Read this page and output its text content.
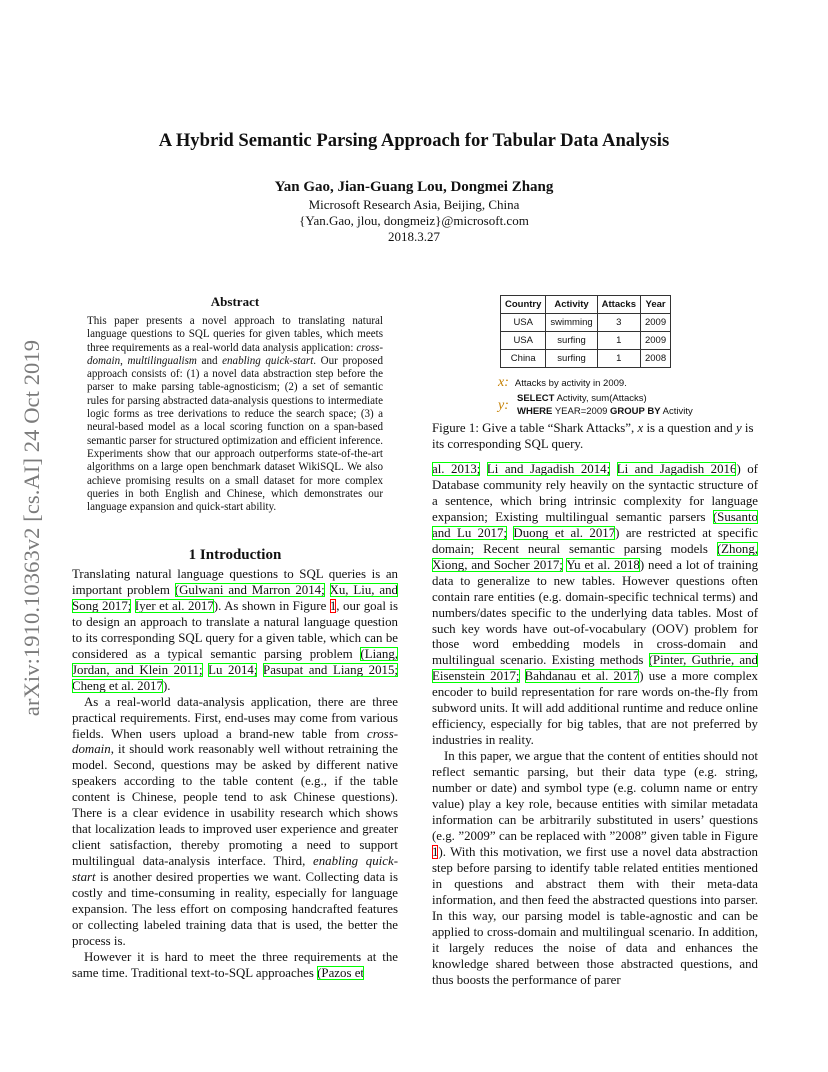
arXiv:1910.10363v2 [cs.AI] 24 Oct 2019
A Hybrid Semantic Parsing Approach for Tabular Data Analysis
Yan Gao, Jian-Guang Lou, Dongmei Zhang
Microsoft Research Asia, Beijing, China
{Yan.Gao, jlou, dongmeiz}@microsoft.com
2018.3.27
Abstract
This paper presents a novel approach to translating natural language questions to SQL queries for given tables, which meets three requirements as a real-world data analysis application: cross-domain, multilingualism and enabling quick-start. Our proposed approach consists of: (1) a novel data abstraction step before the parser to make parsing table-agnosticism; (2) a set of semantic rules for parsing abstracted data-analysis questions to intermediate logic forms as tree derivations to reduce the search space; (3) a neural-based model as a local scoring function on a span-based semantic parser for structured optimization and efficient inference. Experiments show that our approach outperforms state-of-the-art algorithms on a large open benchmark dataset WikiSQL. We also achieve promising results on a small dataset for more complex queries in both English and Chinese, which demonstrates our language expansion and quick-start ability.
1 Introduction

Translating natural language questions to SQL queries is an important problem (Gulwani and Marron 2014; Xu, Liu, and Song 2017; Iyer et al. 2017). As shown in Figure 1, our goal is to design an approach to translate a natural language question to its corresponding SQL query for a given table, which can be considered as a typical semantic parsing problem (Liang, Jordan, and Klein 2011; Lu 2014; Pasupat and Liang 2015; Cheng et al. 2017).

As a real-world data-analysis application, there are three practical requirements. First, end-uses may come from various fields. When users upload a brand-new table from cross-domain, it should work reasonably well without retraining the model. Second, questions may be asked by different native speakers according to the table content (e.g., if the table content is Chinese, people tend to ask Chinese questions). There is a clear evidence in usability research which shows that localization leads to improved user experience and greater client satisfaction, thereby promoting a need to support multilingual data-analysis interface. Third, enabling quick-start is another desired properties we want. Collecting data is costly and time-consuming in reality, especially for language expansion. The less effort on composing handcrafted features or collecting labeled training data that is used, the better the process is.

However it is hard to meet the three requirements at the same time. Traditional text-to-SQL approaches (Pazos et

Country	Activity	Attacks	Year
USA	swimming	3	2009
USA	surfing	1	2009
China	surfing	1	2008
x: Attacks by activity in 2009.
y: SELECT Activity, sum(Attacks)
WHERE YEAR=2009 GROUP BY Activity
Figure 1: Give a table “Shark Attacks”, x is a question and y is its corresponding SQL query.

al. 2013; Li and Jagadish 2014; Li and Jagadish 2016) of Database community rely heavily on the syntactic structure of a sentence, which bring intrinsic complexity for language expansion; Existing multilingual semantic parsers (Susanto and Lu 2017; Duong et al. 2017) are restricted at specific domain; Recent neural semantic parsing models (Zhong, Xiong, and Socher 2017; Yu et al. 2018) need a lot of training data to generalize to new tables. However questions often contain rare entities (e.g. domain-specific technical terms) and numbers/dates specific to the underlying data tables. Most of such key words have out-of-vocabulary (OOV) problem for those word embedding models in cross-domain and multilingual scenario. Existing methods (Pinter, Guthrie, and Eisenstein 2017; Bahdanau et al. 2017) use a more complex encoder to build representation for rare words on-the-fly from subword units. It will add additional runtime and reduce online efficiency, especially for big tables, that are not preferred by industries in reality.

In this paper, we argue that the content of entities should not reflect semantic parsing, but their data type (e.g. string, number or date) and symbol type (e.g. column name or entry value) play a key role, because entities with similar metadata information can be arbitrarily substituted in users’ questions (e.g. ”2009” can be replaced with ”2008” given table in Figure 1). With this motivation, we first use a novel data abstraction step before parsing to identify table related entities mentioned in questions and abstract them with their meta-data information, and then feed the abstracted questions into parser. In this way, our parsing model is table-agnostic and can be applied to cross-domain and multilingual scenario. In addition, it largely reduces the noise of data and enhances the knowledge shared between those abstracted questions, and thus boosts the performance of parer
